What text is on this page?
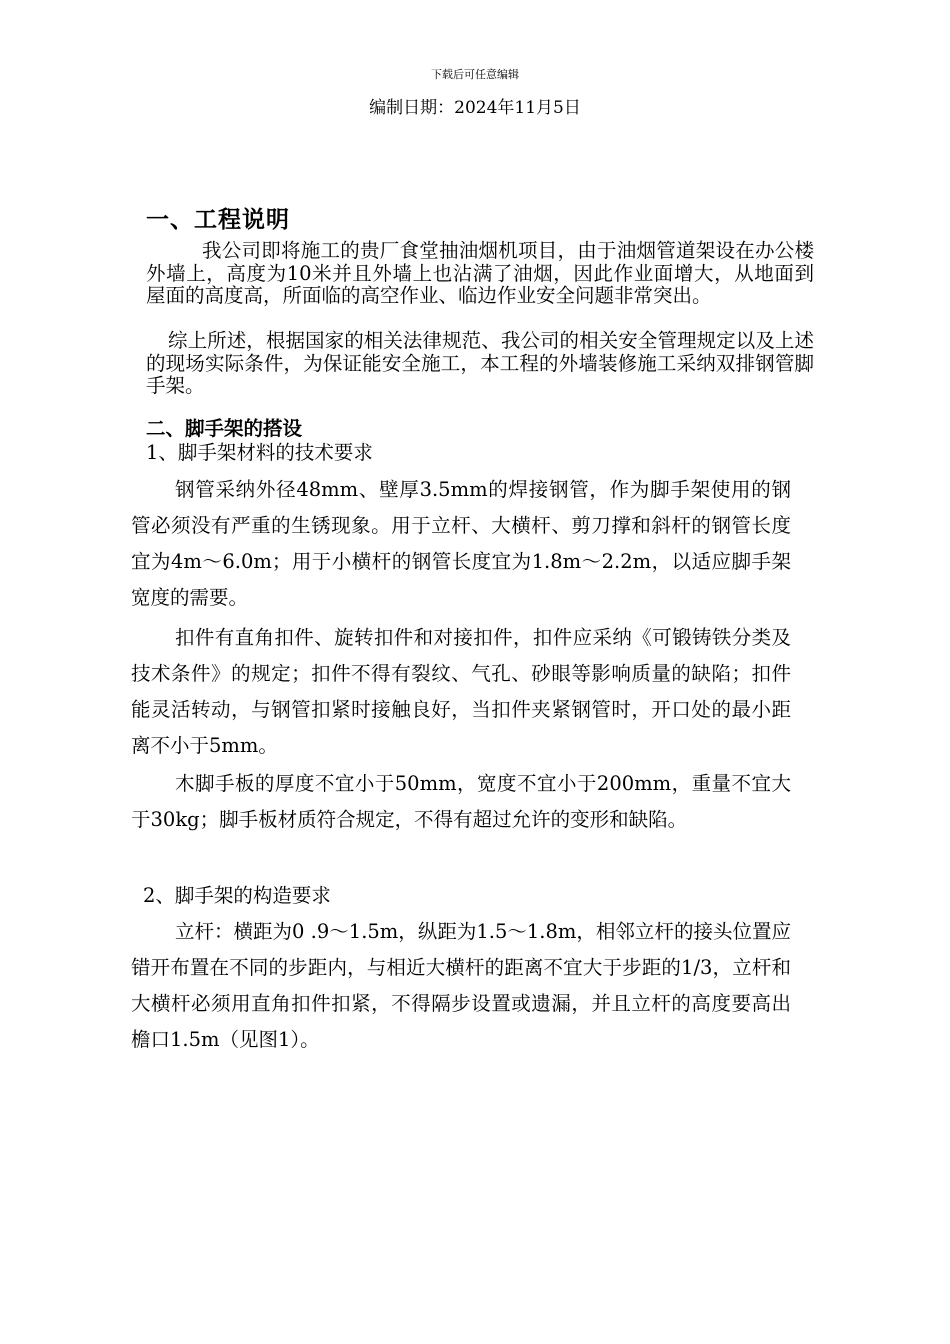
下载后可任意编辑
编制日期：2024年11月5日
一、工程说明

我公司即将施工的贵厂食堂抽油烟机项目，由于油烟管道架设在办公楼外墙上，高度为10米并且外墙上也沾满了油烟，因此作业面增大，从地面到屋面的高度高，所面临的高空作业、临边作业安全问题非常突出。

综上所述，根据国家的相关法律规范、我公司的相关安全管理规定以及上述的现场实际条件，为保证能安全施工，本工程的外墙装修施工采纳双排钢管脚手架。

二、脚手架的搭设
1、脚手架材料的技术要求

钢管采纳外径48mm、壁厚3.5mm的焊接钢管，作为脚手架使用的钢管必须没有严重的生锈现象。用于立杆、大横杆、剪刀撑和斜杆的钢管长度宜为4m～6.0m；用于小横杆的钢管长度宜为1.8m～2.2m，以适应脚手架宽度的需要。

扣件有直角扣件、旋转扣件和对接扣件，扣件应采纳《可锻铸铁分类及技术条件》的规定；扣件不得有裂纹、气孔、砂眼等影响质量的缺陷；扣件能灵活转动，与钢管扣紧时接触良好，当扣件夹紧钢管时，开口处的最小距离不小于5mm。

木脚手板的厚度不宜小于50mm，宽度不宜小于200mm，重量不宜大于30kg；脚手板材质符合规定，不得有超过允许的变形和缺陷。

2、脚手架的构造要求

立杆：横距为0 .9～1.5m，纵距为1.5～1.8m，相邻立杆的接头位置应错开布置在不同的步距内，与相近大横杆的距离不宜大于步距的1/3，立杆和大横杆必须用直角扣件扣紧，不得隔步设置或遗漏，并且立杆的高度要高出檐口1.5m（见图1）。
